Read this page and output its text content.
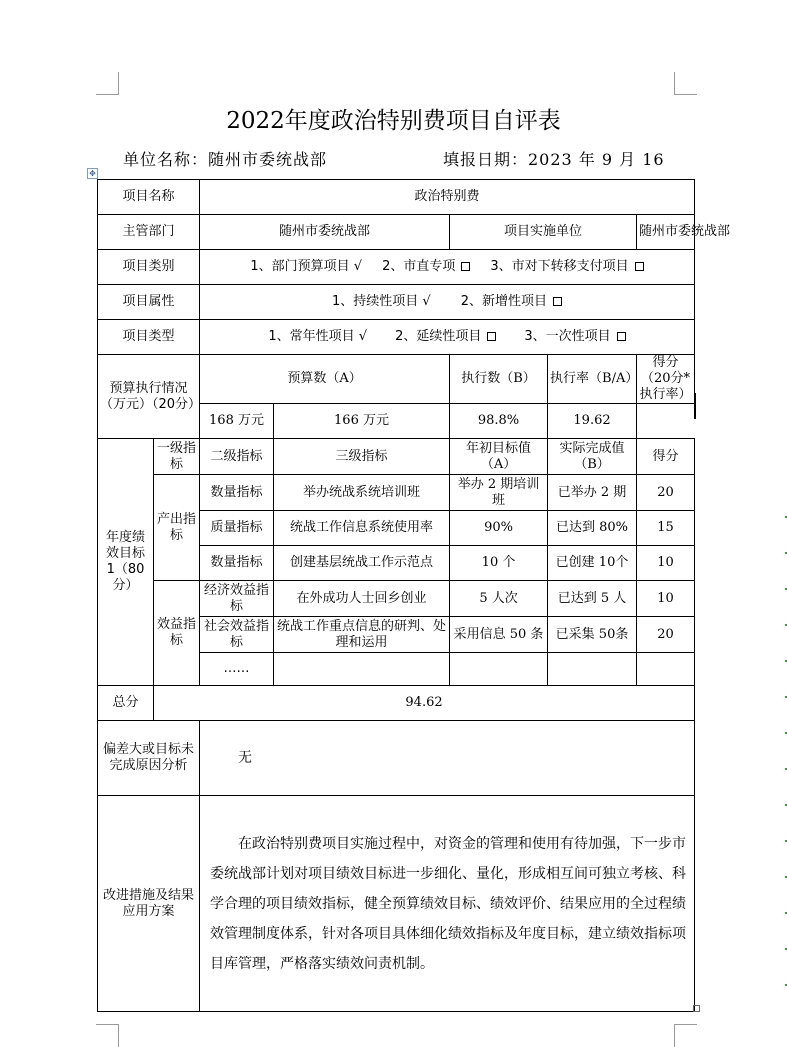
2022年度政治特别费项目自评表
单位名称：随州市委统战部	填报日期：2023 年 9 月 16
✥
项目名称		政治特别费				
主管部门		随州市委统战部		项目实施单位		随州市委统战部
项目类别		1、部门预算项目 √ 2、市直专项 3、市对下转移支付项目				

项目属性		1、持续性项目 √ 2、新增性项目				

项目类型		1、常年性项目 √ 2、延续性项目 3、一次性项目				

预算执行情况（万元）（20分）		预算数（A）		执行数（B）	执行率（B/A）	得分（20分*执行率）
		168 万元	166 万元	98.8%	19.62	
年度绩效目标 1（80分）	一级指标	二级指标	三级指标	年初目标值（A）	实际完成值（B）	得分
	产出指标	数量指标	举办统战系统培训班	举办 2 期培训班	已举办 2 期	20
		质量指标	统战工作信息系统使用率	90%	已达到 80%	15
		数量指标	创建基层统战工作示范点	10 个	已创建 10个	10
	效益指标	经济效益指标	在外成功人士回乡创业	5 人次	已达到 5 人	10
		社会效益指标	统战工作重点信息的研判、处理和运用	采用信息 50 条	已采集 50条	20
		……				
总分	94.62					
偏差大或目标未完成原因分析		无				
改进措施及结果应用方案		在政治特别费项目实施过程中，对资金的管理和使用有待加强，下一步市委统战部计划对项目绩效目标进一步细化、量化，形成相互间可独立考核、科学合理的项目绩效指标，健全预算绩效目标、绩效评价、结果应用的全过程绩效管理制度体系，针对各项目具体细化绩效指标及年度目标，建立绩效指标项目库管理，严格落实绩效问责机制。				
